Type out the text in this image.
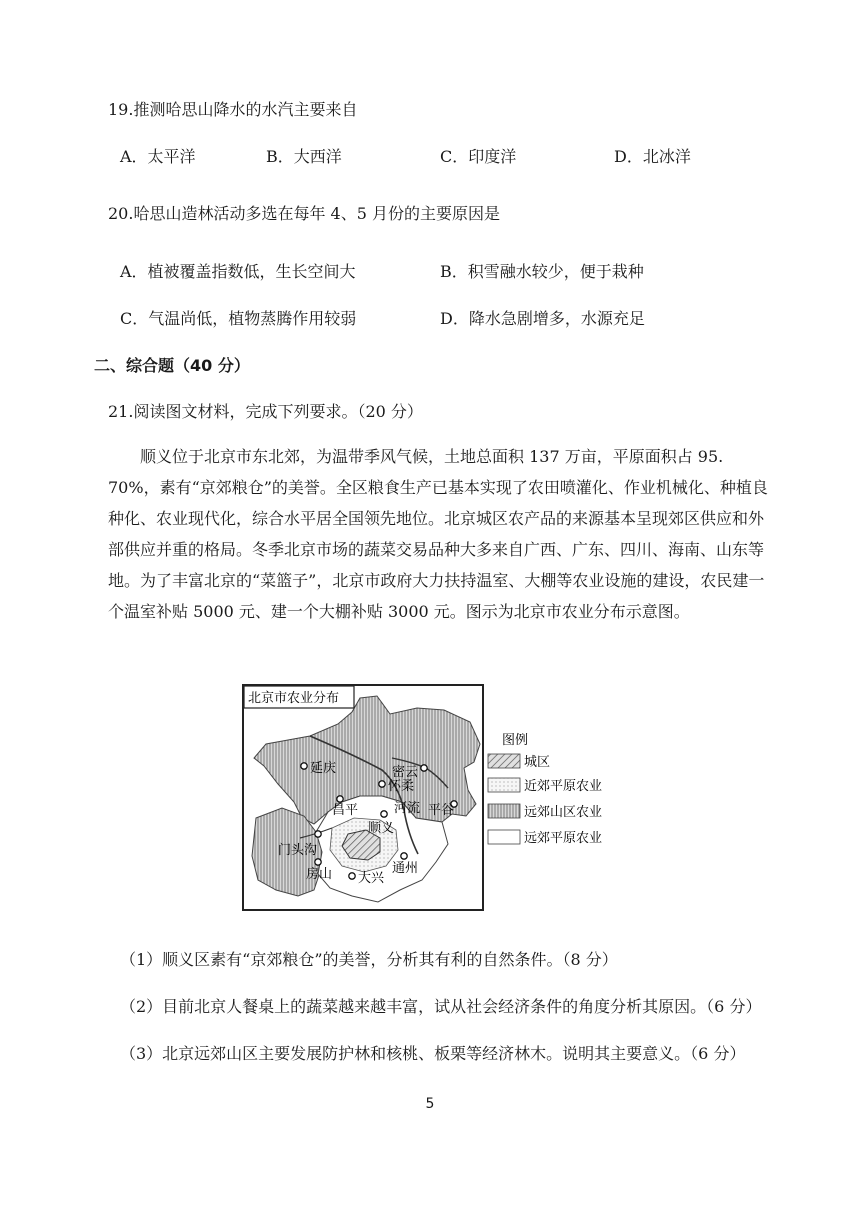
19.推测哈思山降水的水汽主要来自
A．太平洋	B．大西洋	C．印度洋	D．北冰洋
20.哈思山造林活动多选在每年 4、5 月份的主要原因是
A．植被覆盖指数低，生长空间大	B．积雪融水较少，便于栽种
C．气温尚低，植物蒸腾作用较弱	D．降水急剧增多，水源充足
二、综合题（40 分）
21.阅读图文材料，完成下列要求。（20 分）

顺义位于北京市东北郊，为温带季风气候，土地总面积 137 万亩，平原面积占 95. 70%，素有“京郊粮仓”的美誉。全区粮食生产已基本实现了农田喷灌化、作业机械化、种植良种化、农业现代化，综合水平居全国领先地位。北京城区农产品的来源基本呈现郊区供应和外部供应并重的格局。冬季北京市场的蔬菜交易品种大多来自广西、广东、四川、海南、山东等地。为了丰富北京的“菜篮子”，北京市政府大力扶持温室、大棚等农业设施的建设，农民建一个温室补贴 5000 元、建一个大棚补贴 3000 元。图示为北京市农业分布示意图。

延庆	密云
怀柔
昌平	河流
顺义
平谷
门头沟
房山 大兴
通州
北京市农业分布
图例
城区
近郊平原农业
远郊山区农业
远郊平原农业
（1）顺义区素有“京郊粮仓”的美誉，分析其有利的自然条件。（8 分）
（2）目前北京人餐桌上的蔬菜越来越丰富，试从社会经济条件的角度分析其原因。（6 分）
（3）北京远郊山区主要发展防护林和核桃、板栗等经济林木。说明其主要意义。（6 分）
5
